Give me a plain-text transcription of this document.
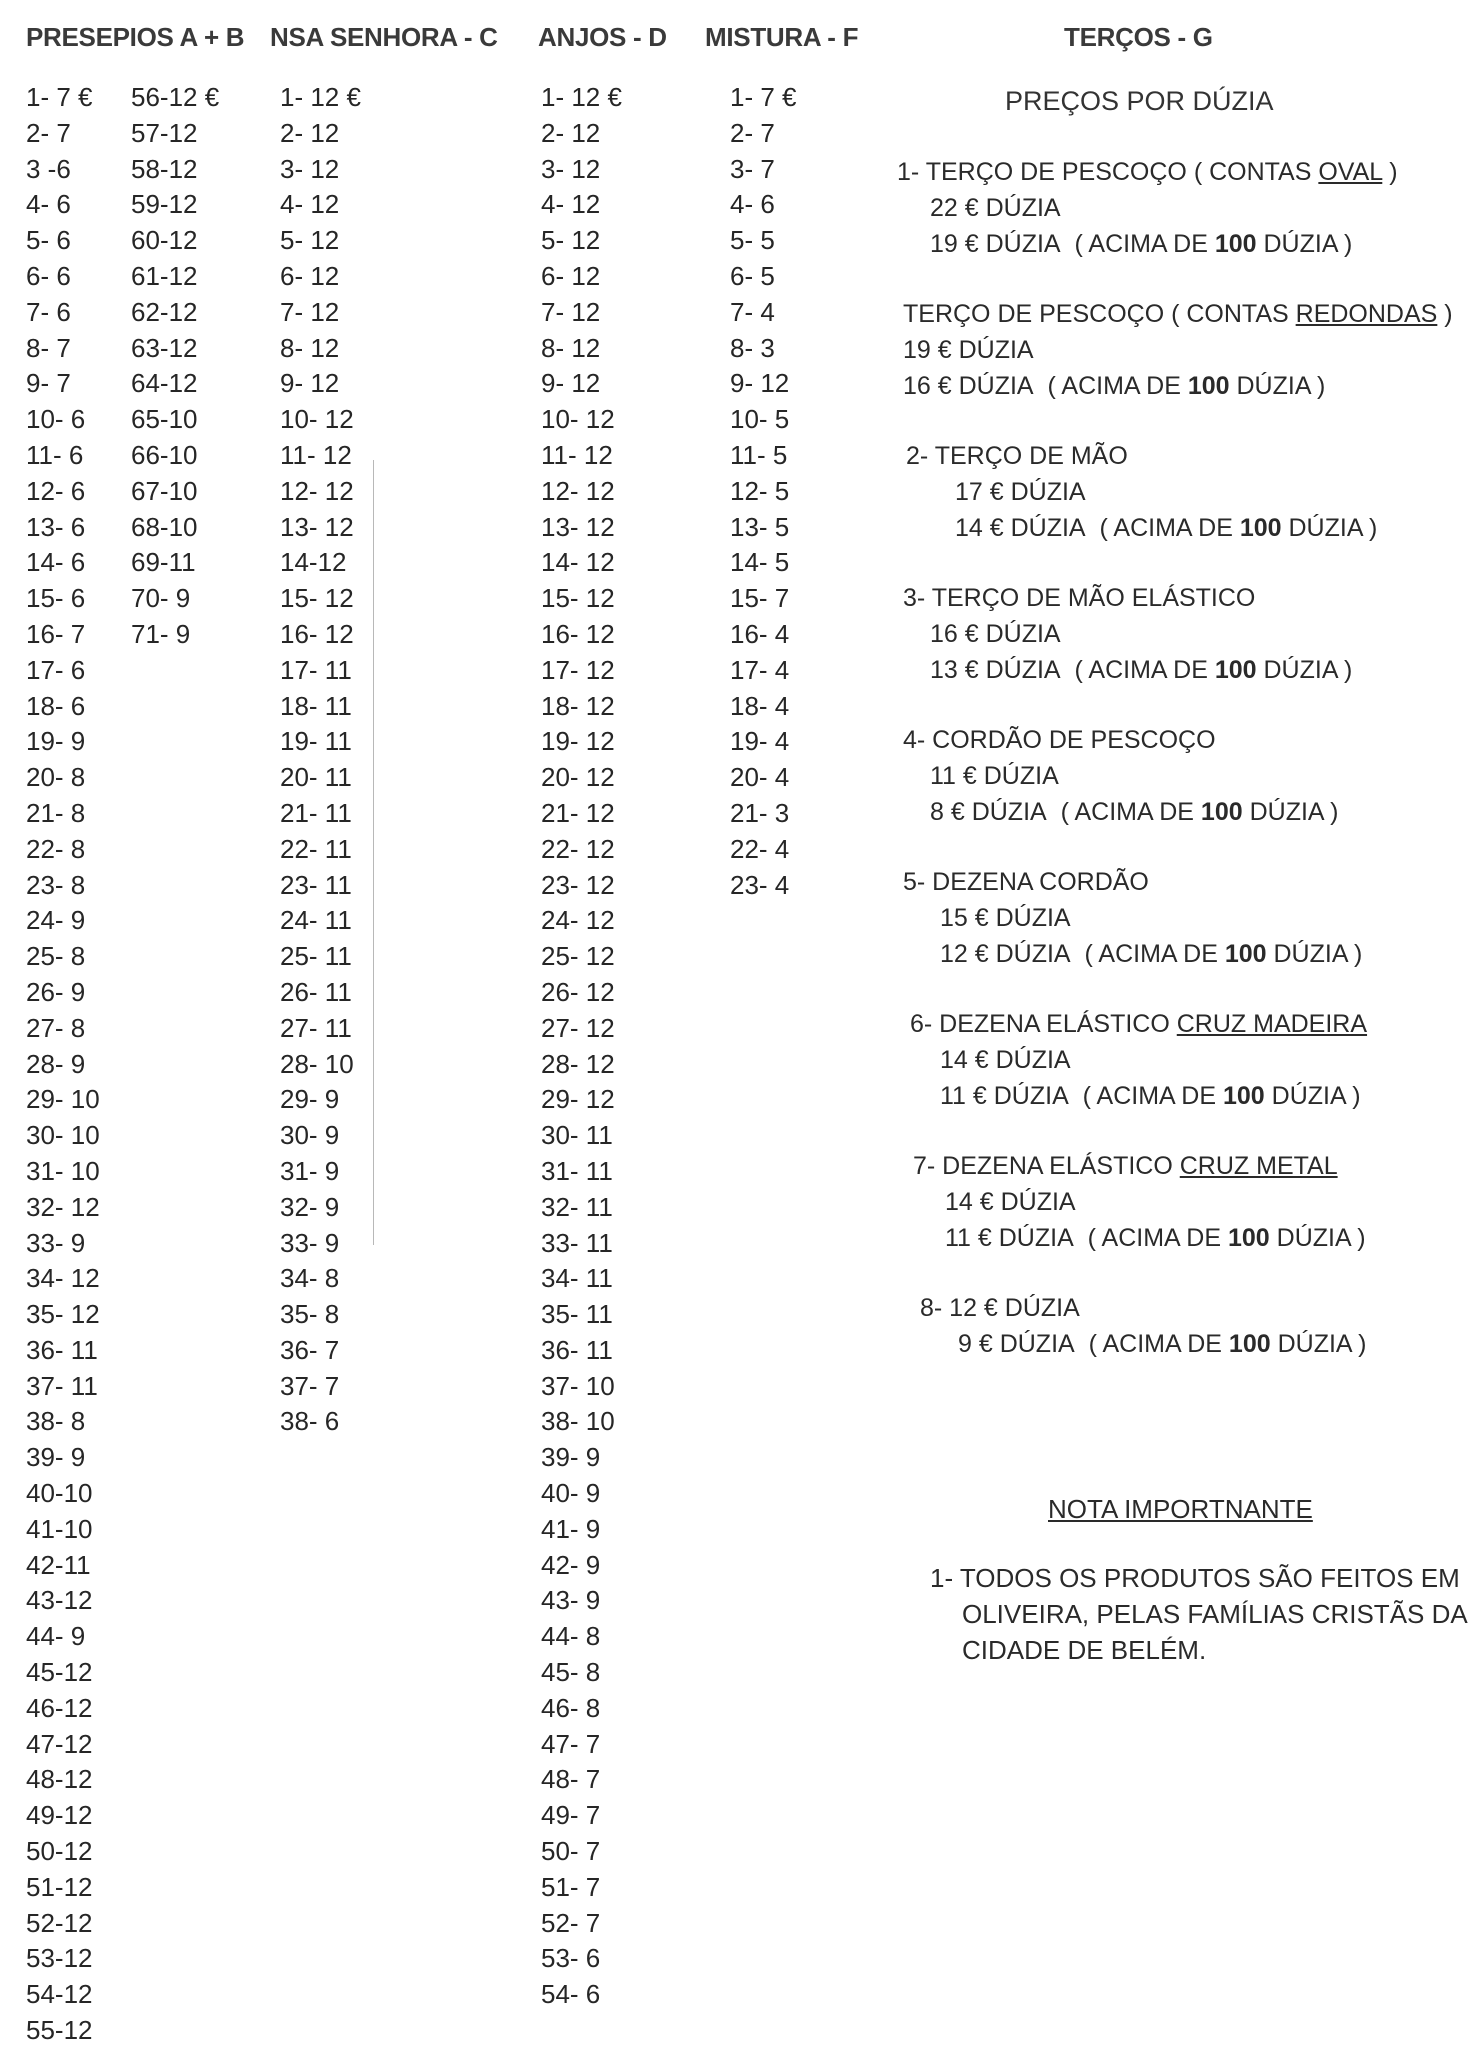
PRESEPIOS A + B NSA SENHORA - C ANJOS - D MISTURA - F	TERÇOS - G
1- 7 €
2- 7
3 -6
4- 6
5- 6
6- 6
7- 6
8- 7
9- 7
10- 6
11- 6
12- 6
13- 6
14- 6
15- 6
16- 7
17- 6
18- 6
19- 9
20- 8
21- 8
22- 8
23- 8
24- 9
25- 8
26- 9
27- 8
28- 9
29- 10
30- 10
31- 10
32- 12
33- 9
34- 12
35- 12
36- 11
37- 11
38- 8
39- 9
40-10
41-10
42-11
43-12
44- 9
45-12
46-12
47-12
48-12
49-12
50-12
51-12
52-12
53-12
54-12
55-12
56-12 €
57-12
58-12
59-12
60-12
61-12
62-12
63-12
64-12
65-10
66-10
67-10
68-10
69-11
70- 9
71- 9
1- 12 €
2- 12
3- 12
4- 12
5- 12
6- 12
7- 12
8- 12
9- 12
10- 12
11- 12
12- 12
13- 12
14-12
15- 12
16- 12
17- 11
18- 11
19- 11
20- 11
21- 11
22- 11
23- 11
24- 11
25- 11
26- 11
27- 11
28- 10
29- 9
30- 9
31- 9
32- 9
33- 9
34- 8
35- 8
36- 7
37- 7
38- 6
1- 12 €
2- 12
3- 12
4- 12
5- 12
6- 12
7- 12
8- 12
9- 12
10- 12
11- 12
12- 12
13- 12
14- 12
15- 12
16- 12
17- 12
18- 12
19- 12
20- 12
21- 12
22- 12
23- 12
24- 12
25- 12
26- 12
27- 12
28- 12
29- 12
30- 11
31- 11
32- 11
33- 11
34- 11
35- 11
36- 11
37- 10
38- 10
39- 9
40- 9
41- 9
42- 9
43- 9
44- 8
45- 8
46- 8
47- 7
48- 7
49- 7
50- 7
51- 7
52- 7
53- 6
54- 6
1- 7 €
2- 7
3- 7
4- 6
5- 5
6- 5
7- 4
8- 3
9- 12
10- 5
11- 5
12- 5
13- 5
14- 5
15- 7
16- 4
17- 4
18- 4
19- 4
20- 4
21- 3
22- 4
23- 4
PREÇOS POR DÚZIA
1- TERÇO DE PESCOÇO ( CONTAS OVAL )
22 € DÚZIA
19 € DÚZIA ( ACIMA DE 100 DÚZIA )
TERÇO DE PESCOÇO ( CONTAS REDONDAS )
19 € DÚZIA
16 € DÚZIA ( ACIMA DE 100 DÚZIA )
2- TERÇO DE MÃO
17 € DÚZIA
14 € DÚZIA ( ACIMA DE 100 DÚZIA )
3- TERÇO DE MÃO ELÁSTICO
16 € DÚZIA
13 € DÚZIA ( ACIMA DE 100 DÚZIA )
4- CORDÃO DE PESCOÇO
11 € DÚZIA
8 € DÚZIA ( ACIMA DE 100 DÚZIA )
5- DEZENA CORDÃO
15 € DÚZIA
12 € DÚZIA ( ACIMA DE 100 DÚZIA )
6- DEZENA ELÁSTICO CRUZ MADEIRA
14 € DÚZIA
11 € DÚZIA ( ACIMA DE 100 DÚZIA )
7- DEZENA ELÁSTICO CRUZ METAL
14 € DÚZIA
11 € DÚZIA ( ACIMA DE 100 DÚZIA )
8- 12 € DÚZIA
9 € DÚZIA ( ACIMA DE 100 DÚZIA )
NOTA IMPORTNANTE
1- TODOS OS PRODUTOS SÃO FEITOS EM
OLIVEIRA, PELAS FAMÍLIAS CRISTÃS DA
CIDADE DE BELÉM.
